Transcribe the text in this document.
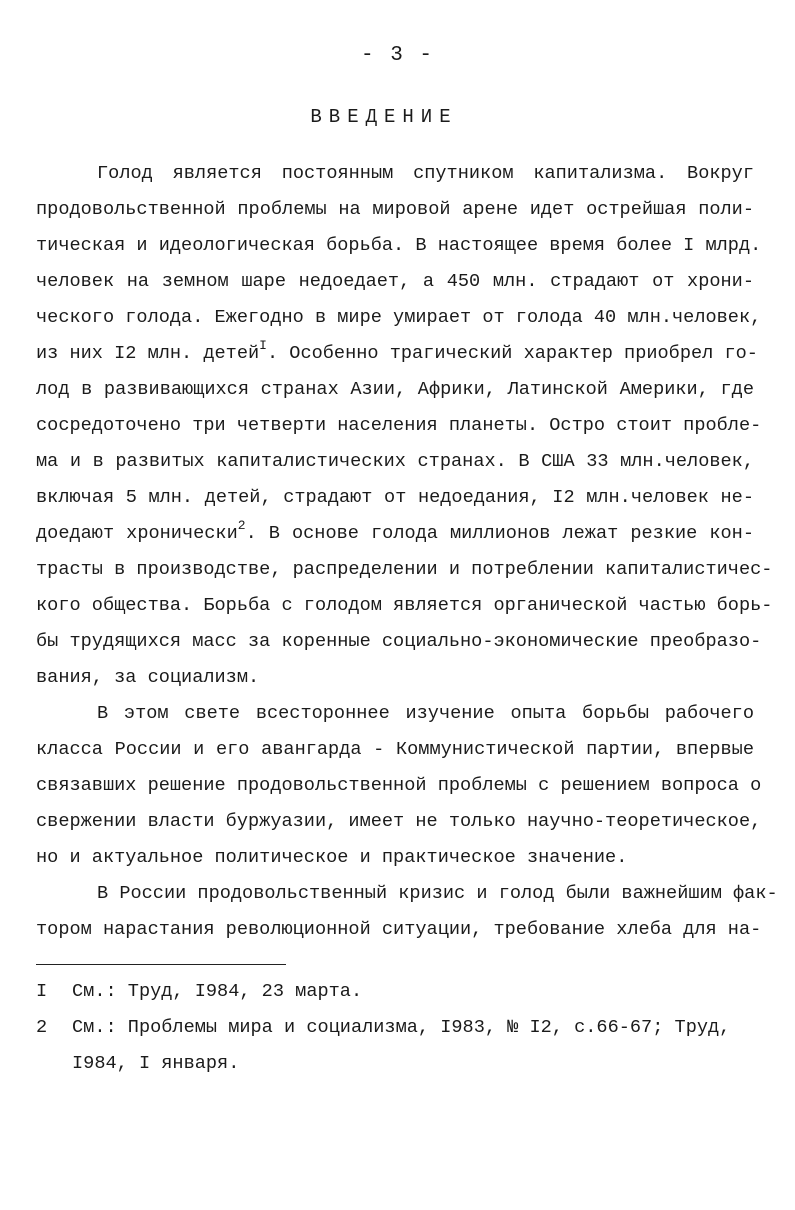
- 3 -
ВВЕДЕНИЕ
Голод является постоянным спутником капитализма. Вокруг
продовольственной проблемы на мировой арене идет острейшая поли-
тическая и идеологическая борьба. В настоящее время более I млрд.
человек на земном шаре недоедает, а 450 млн. страдают от хрони-
ческого голода. Ежегодно в мире умирает от голода 40 млн.человек,
из них I2 млн. детей$^I$. Особенно трагический характер приобрел го-
лод в развивающихся странах Азии, Африки, Латинской Америки, где
сосредоточено три четверти населения планеты. Остро стоит пробле-
ма и в развитых капиталистических странах. В США 33 млн.человек,
включая 5 млн. детей, страдают от недоедания, I2 млн.человек не-
доедают хронически$^2$. В основе голода миллионов лежат резкие кон-
трасты в производстве, распределении и потреблении капиталистичес-
кого общества. Борьба с голодом является органической частью борь-
бы трудящихся масс за коренные социально-экономические преобразо-
вания, за социализм.
В этом свете всестороннее изучение опыта борьбы рабочего
класса России и его авангарда - Коммунистической партии, впервые
связавших решение продовольственной проблемы с решением вопроса о
свержении власти буржуазии, имеет не только научно-теоретическое,
но и актуальное политическое и практическое значение.
В России продовольственный кризис и голод были важнейшим фак-
тором нарастания революционной ситуации, требование хлеба для на-
I См.: Труд, I984, 23 марта.
2 См.: Проблемы мира и социализма, I983, № I2, с.66-67; Труд,
I984, I января.
